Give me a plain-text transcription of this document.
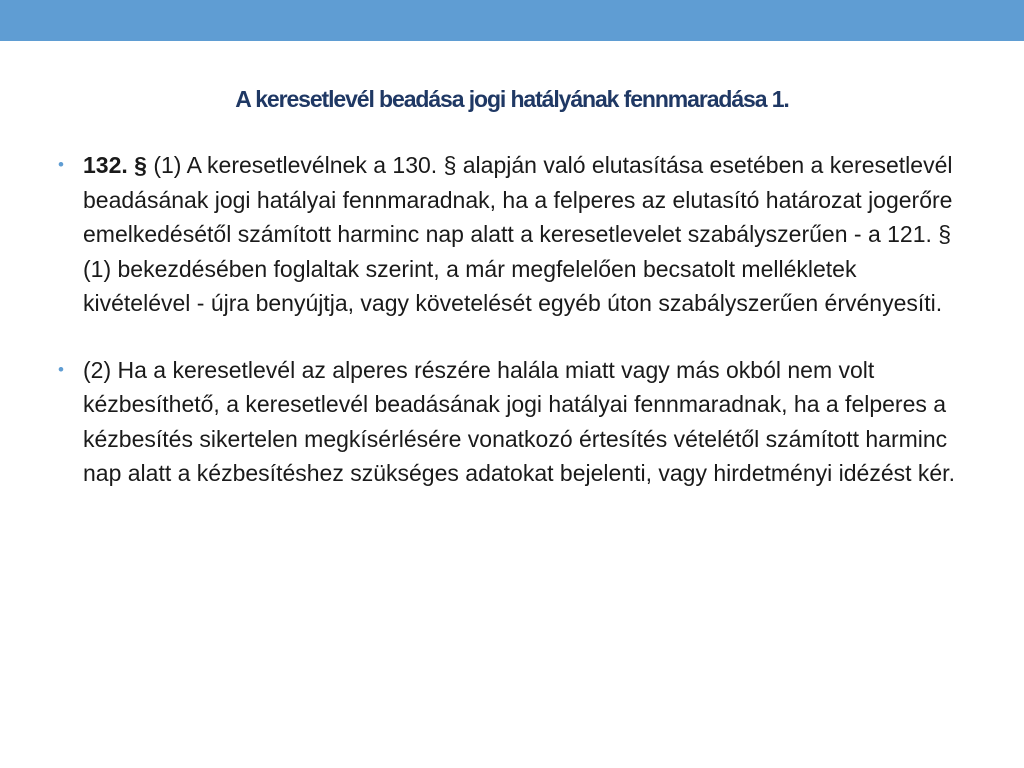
A keresetlevél beadása jogi hatályának fennmaradása 1.
• 132. § (1) A keresetlevélnek a 130. § alapján való elutasítása esetében a keresetlevél beadásának jogi hatályai fennmaradnak, ha a felperes az elutasító határozat jogerőre emelkedésétől számított harminc nap alatt a keresetlevelet szabályszerűen - a 121. § (1) bekezdésében foglaltak szerint, a már megfelelően becsatolt mellékletek kivételével - újra benyújtja, vagy követelését egyéb úton szabályszerűen érvényesíti.
• (2) Ha a keresetlevél az alperes részére halála miatt vagy más okból nem volt kézbesíthető, a keresetlevél beadásának jogi hatályai fennmaradnak, ha a felperes a kézbesítés sikertelen megkísérlésére vonatkozó értesítés vételétől számított harminc nap alatt a kézbesítéshez szükséges adatokat bejelenti, vagy hirdetményi idézést kér.
